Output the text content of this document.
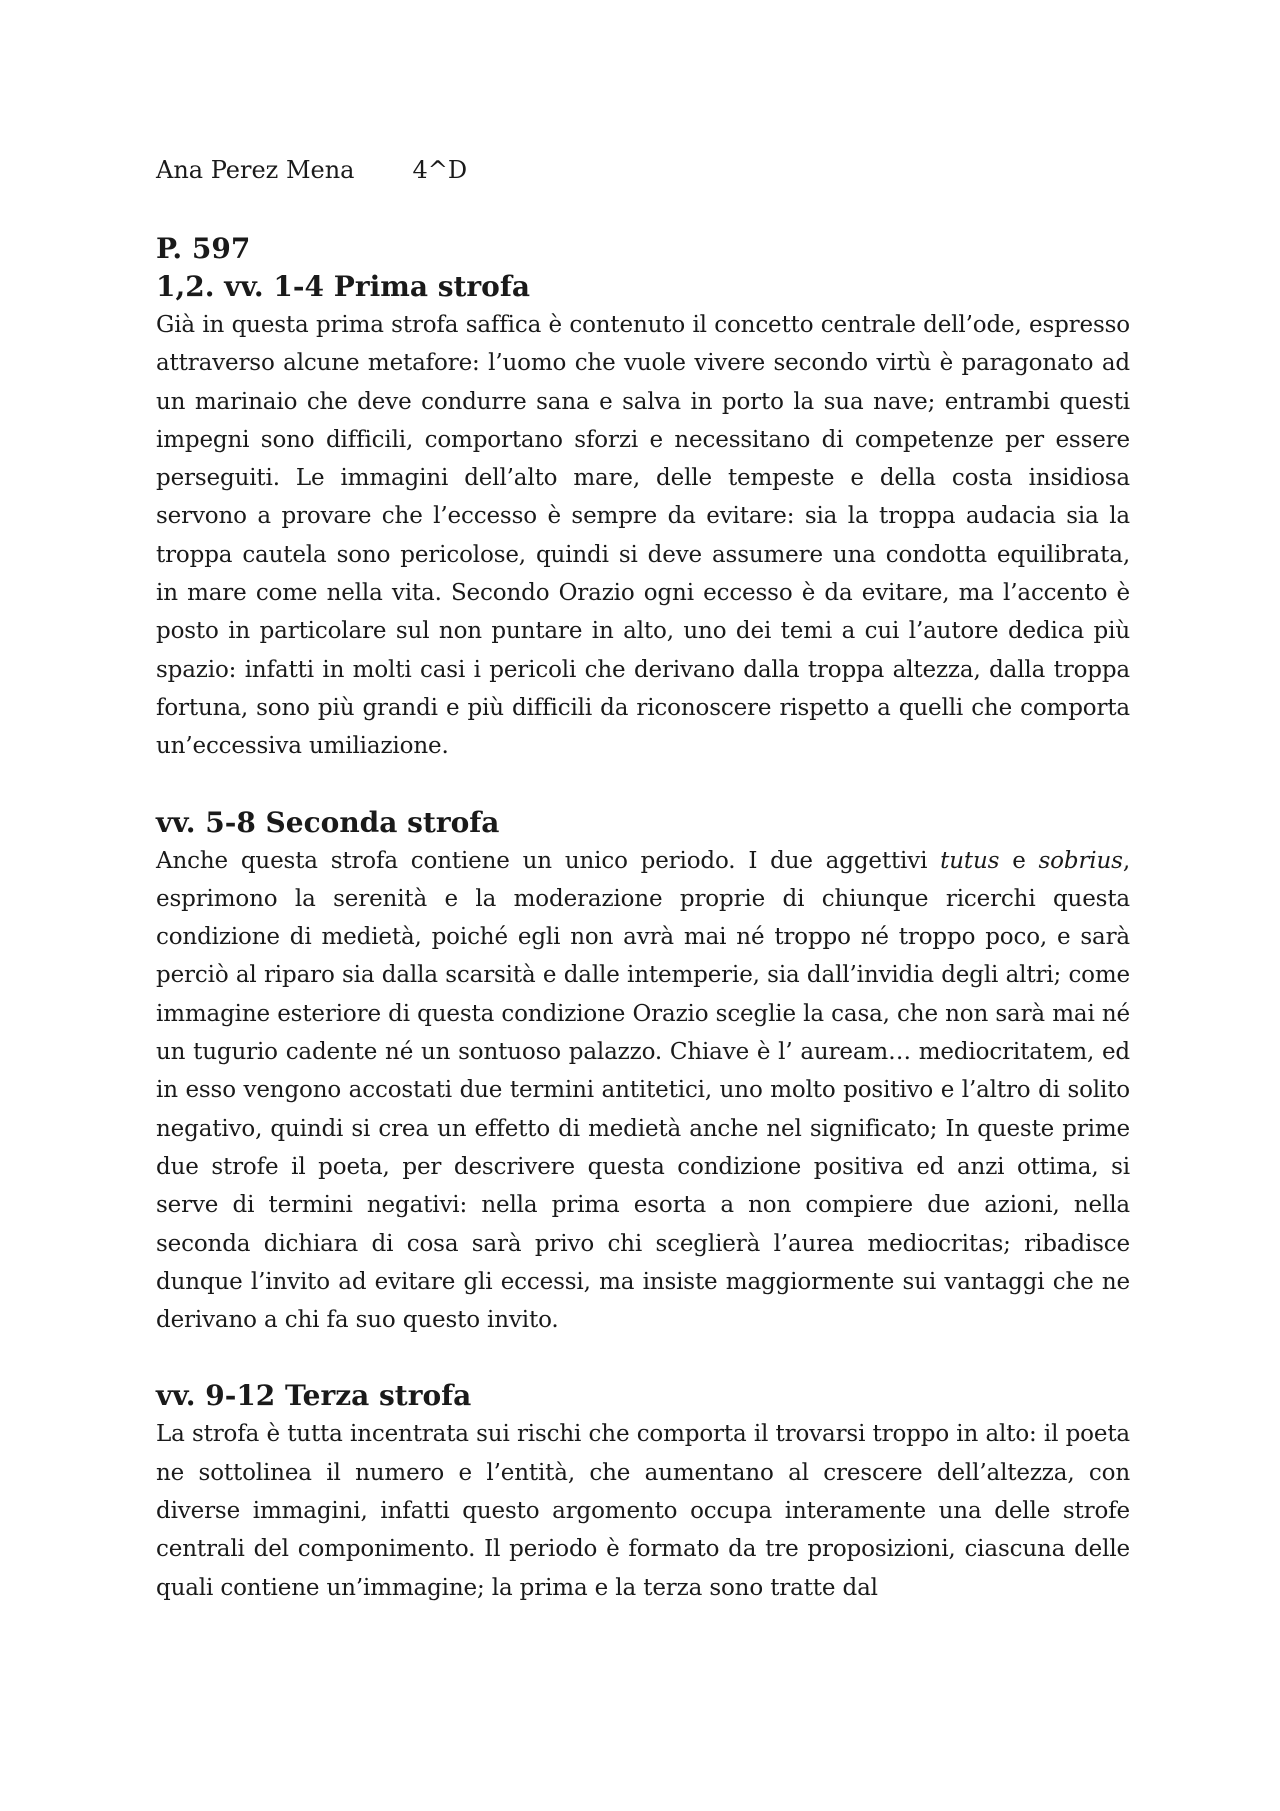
Ana Perez Mena 4^D

P. 597

1,2. vv. 1-4 Prima strofa

Già in questa prima strofa saffica è contenuto il concetto centrale dell’ode, espresso attraverso alcune metafore: l’uomo che vuole vivere secondo virtù è paragonato ad un marinaio che deve condurre sana e salva in porto la sua nave; entrambi questi impegni sono difficili, comportano sforzi e necessitano di competenze per essere perseguiti. Le immagini dell’alto mare, delle tempeste e della costa insidiosa servono a provare che l’eccesso è sempre da evitare: sia la troppa audacia sia la troppa cautela sono pericolose, quindi si deve assumere una condotta equilibrata, in mare come nella vita. Secondo Orazio ogni eccesso è da evitare, ma l’accento è posto in particolare sul non puntare in alto, uno dei temi a cui l’autore dedica più spazio: infatti in molti casi i pericoli che derivano dalla troppa altezza, dalla troppa fortuna, sono più grandi e più difficili da riconoscere rispetto a quelli che comporta un’eccessiva umiliazione.

vv. 5-8 Seconda strofa

Anche questa strofa contiene un unico periodo. I due aggettivi tutus e sobrius, esprimono la serenità e la moderazione proprie di chiunque ricerchi questa condizione di medietà, poiché egli non avrà mai né troppo né troppo poco, e sarà perciò al riparo sia dalla scarsità e dalle intemperie, sia dall’invidia degli altri; come immagine esteriore di questa condizione Orazio sceglie la casa, che non sarà mai né un tugurio cadente né un sontuoso palazzo. Chiave è l’ aurea​m… mediocritatem, ed in esso vengono accostati due termini antitetici, uno molto positivo e l’altro di solito negativo, quindi si crea un effetto di medietà anche nel significato; In queste prime due strofe il poeta, per descrivere questa condizione positiva ed anzi ottima, si serve di termini negativi: nella prima esorta a non compiere due azioni, nella seconda dichiara di cosa sarà privo chi sceglierà l’aurea mediocritas; ribadisce dunque l’invito ad evitare gli eccessi, ma insiste maggiormente sui vantaggi che ne derivano a chi fa suo questo invito.

vv. 9-12 Terza strofa

La strofa è tutta incentrata sui rischi che comporta il trovarsi troppo in alto: il poeta ne sottolinea il numero e l’entità, che aumentano al crescere dell’altezza, con diverse immagini, infatti questo argomento occupa interamente una delle strofe centrali del componimento. Il periodo è formato da tre proposizioni, ciascuna delle quali contiene un’immagine; la prima e la terza sono tratte dal
